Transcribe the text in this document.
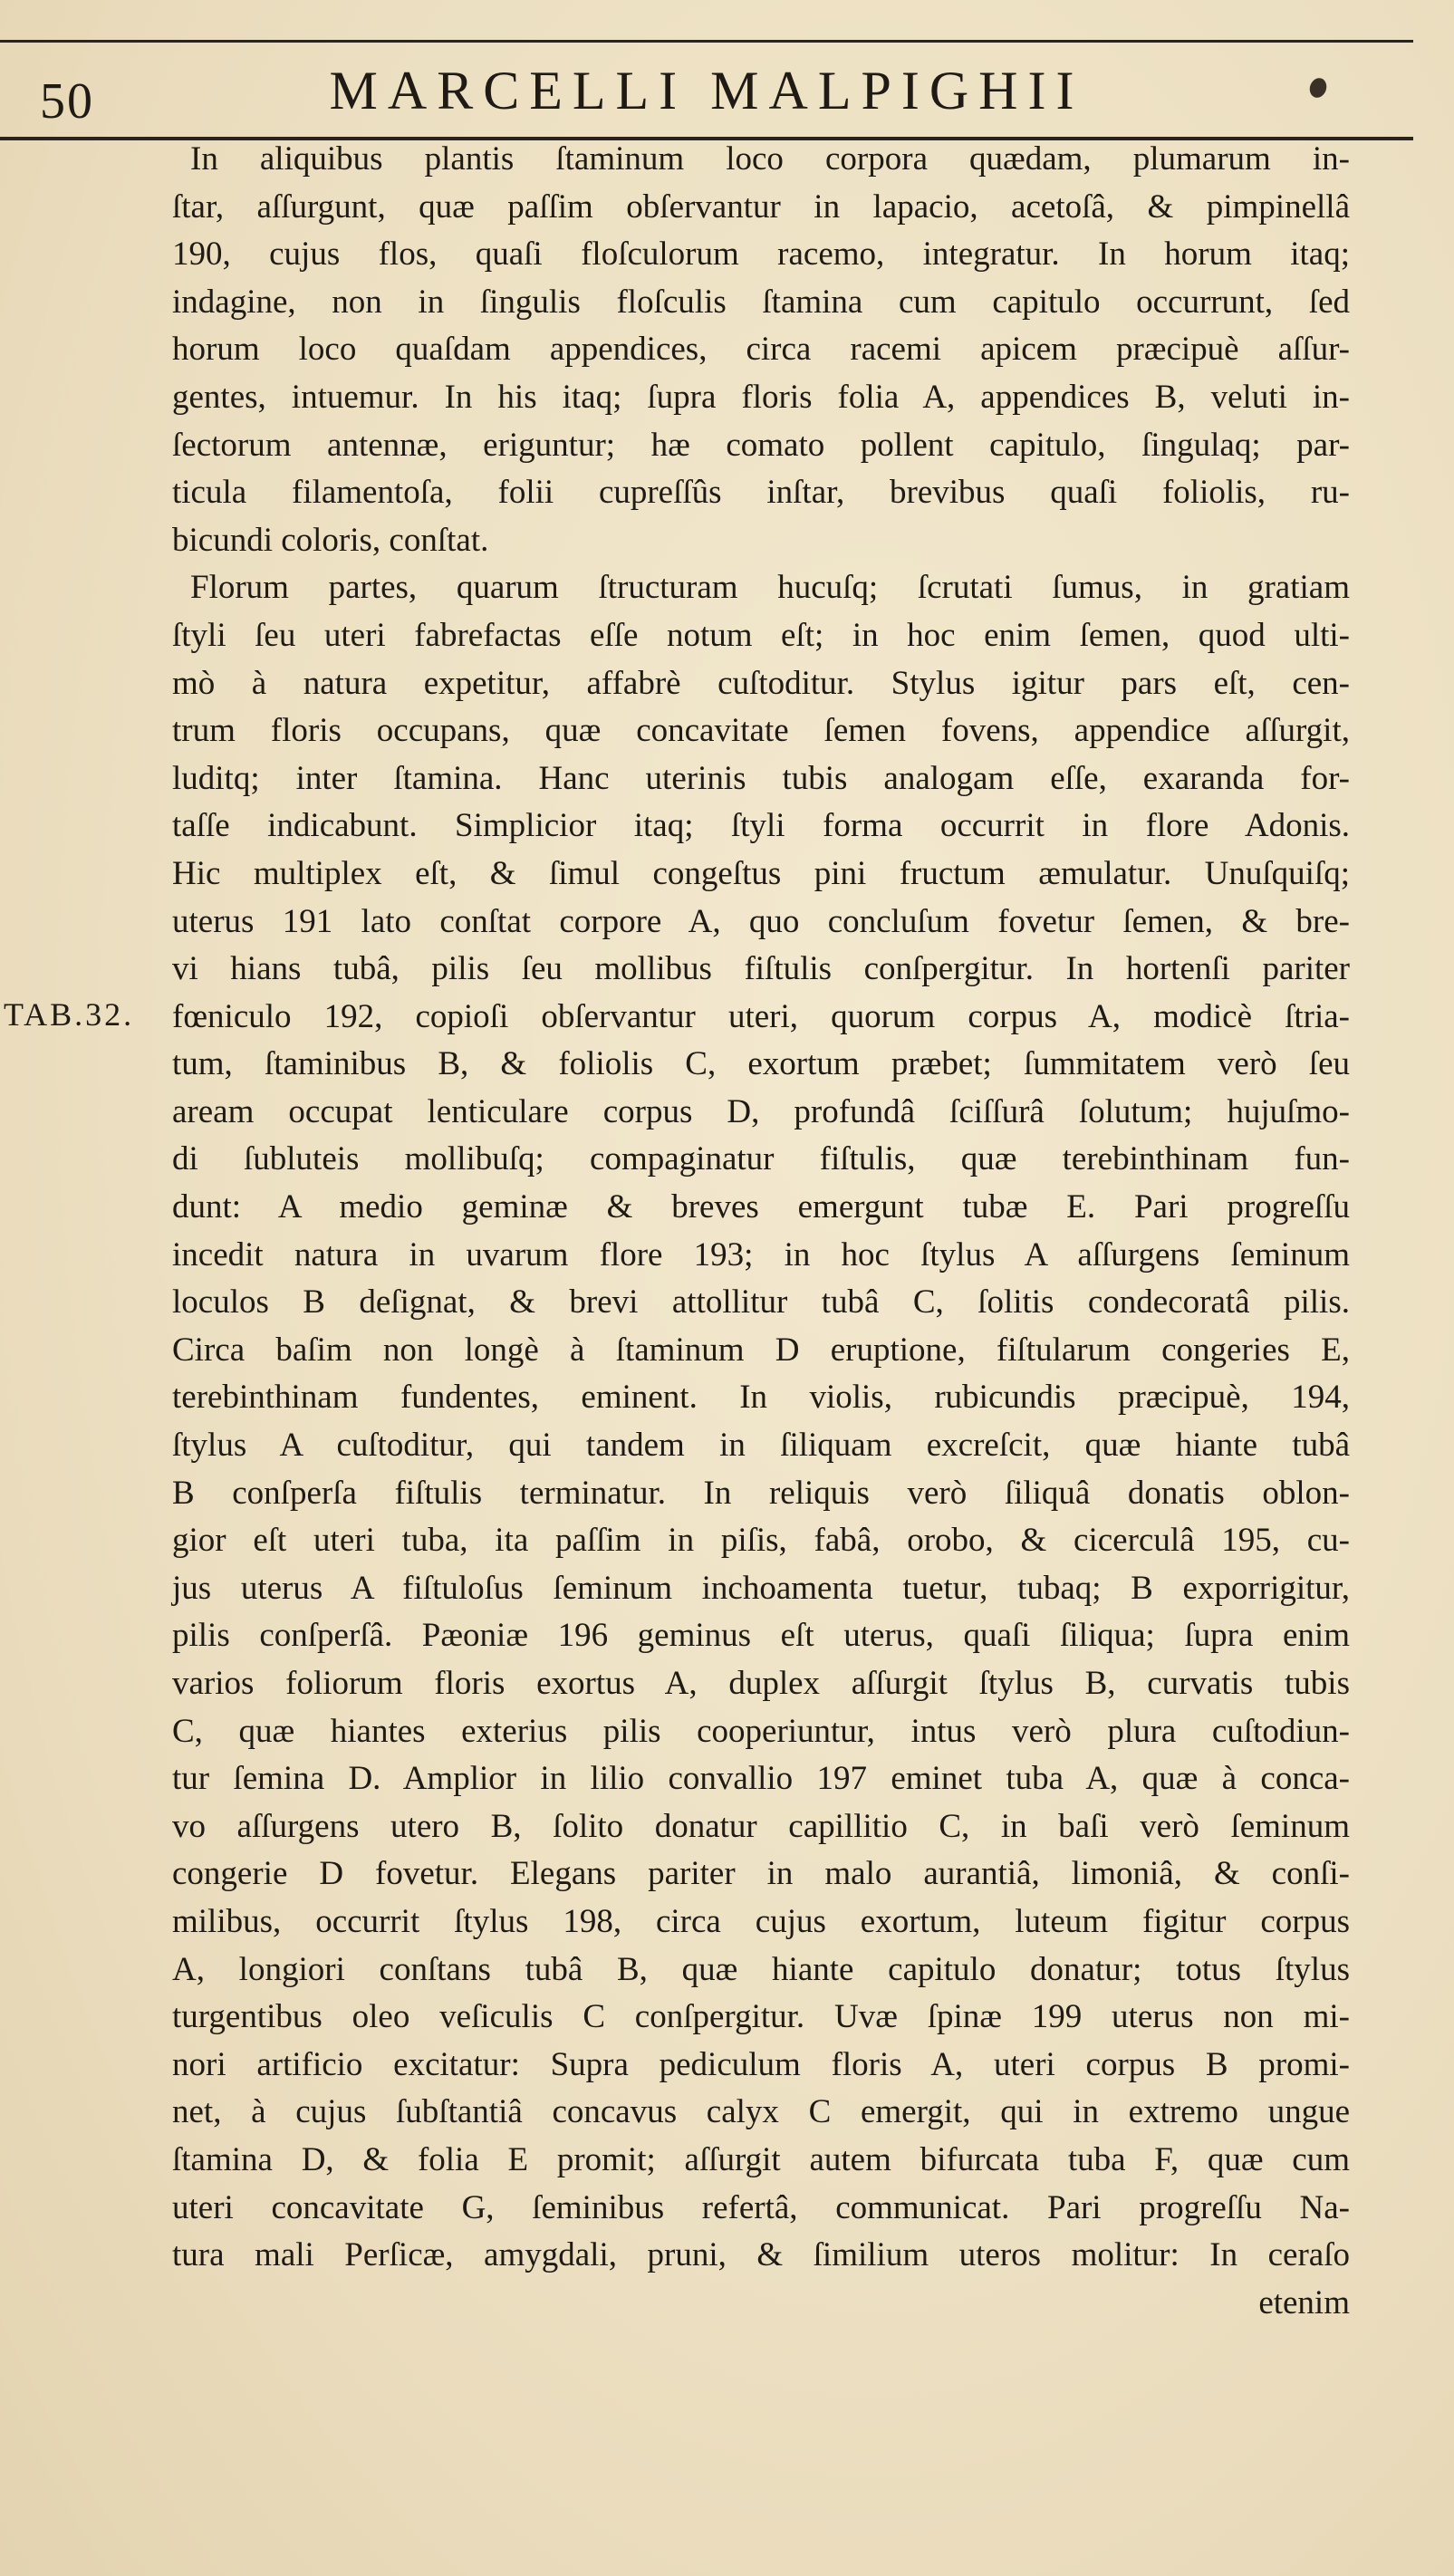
50	MARCELLI MALPIGHII
TAB.32.
In aliquibus plantis ſtaminum loco corpora quædam, plumarum in-
ſtar, aſſurgunt, quæ paſſim obſervantur in lapacio, acetoſâ, & pimpinellâ
190, cujus flos, quaſi floſculorum racemo, integratur. In horum itaq;
indagine, non in ſingulis floſculis ſtamina cum capitulo occurrunt, ſed
horum loco quaſdam appendices, circa racemi apicem præcipuè aſſur-
gentes, intuemur. In his itaq; ſupra floris folia A, appendices B, veluti in-
ſectorum antennæ, eriguntur; hæ comato pollent capitulo, ſingulaq; par-
ticula filamentoſa, folii cupreſſûs inſtar, brevibus quaſi foliolis, ru-
bicundi coloris, conſtat.
Florum partes, quarum ſtructuram hucuſq; ſcrutati ſumus, in gratiam
ſtyli ſeu uteri fabrefactas eſſe notum eſt; in hoc enim ſemen, quod ulti-
mò à natura expetitur, affabrè cuſtoditur. Stylus igitur pars eſt, cen-
trum floris occupans, quæ concavitate ſemen fovens, appendice aſſurgit,
luditq; inter ſtamina. Hanc uterinis tubis analogam eſſe, exaranda for-
taſſe indicabunt. Simplicior itaq; ſtyli forma occurrit in flore Adonis.
Hic multiplex eſt, & ſimul congeſtus pini fructum æmulatur. Unuſquiſq;
uterus 191 lato conſtat corpore A, quo concluſum fovetur ſemen, & bre-
vi hians tubâ, pilis ſeu mollibus fiſtulis conſpergitur. In hortenſi pariter
fœniculo 192, copioſi obſervantur uteri, quorum corpus A, modicè ſtria-
tum, ſtaminibus B, & foliolis C, exortum præbet; ſummitatem verò ſeu
aream occupat lenticulare corpus D, profundâ ſciſſurâ ſolutum; hujuſmo-
di ſubluteis mollibuſq; compaginatur fiſtulis, quæ terebinthinam fun-
dunt: A medio geminæ & breves emergunt tubæ E. Pari progreſſu
incedit natura in uvarum flore 193; in hoc ſtylus A aſſurgens ſeminum
loculos B deſignat, & brevi attollitur tubâ C, ſolitis condecoratâ pilis.
Circa baſim non longè à ſtaminum D eruptione, fiſtularum congeries E,
terebinthinam fundentes, eminent. In violis, rubicundis præcipuè, 194,
ſtylus A cuſtoditur, qui tandem in ſiliquam excreſcit, quæ hiante tubâ
B conſperſa fiſtulis terminatur. In reliquis verò ſiliquâ donatis oblon-
gior eſt uteri tuba, ita paſſim in piſis, fabâ, orobo, & cicerculâ 195, cu-
jus uterus A fiſtuloſus ſeminum inchoamenta tuetur, tubaq; B exporrigitur,
pilis conſperſâ. Pæoniæ 196 geminus eſt uterus, quaſi ſiliqua; ſupra enim
varios foliorum floris exortus A, duplex aſſurgit ſtylus B, curvatis tubis
C, quæ hiantes exterius pilis cooperiuntur, intus verò plura cuſtodiun-
tur ſemina D. Amplior in lilio convallio 197 eminet tuba A, quæ à conca-
vo aſſurgens utero B, ſolito donatur capillitio C, in baſi verò ſeminum
congerie D fovetur. Elegans pariter in malo aurantiâ, limoniâ, & conſi-
milibus, occurrit ſtylus 198, circa cujus exortum, luteum figitur corpus
A, longiori conſtans tubâ B, quæ hiante capitulo donatur; totus ſtylus
turgentibus oleo veſiculis C conſpergitur. Uvæ ſpinæ 199 uterus non mi-
nori artificio excitatur: Supra pediculum floris A, uteri corpus B promi-
net, à cujus ſubſtantiâ concavus calyx C emergit, qui in extremo ungue
ſtamina D, & folia E promit; aſſurgit autem bifurcata tuba F, quæ cum
uteri concavitate G, ſeminibus refertâ, communicat. Pari progreſſu Na-
tura mali Perſicæ, amygdali, pruni, & ſimilium uteros molitur: In ceraſo
etenim
